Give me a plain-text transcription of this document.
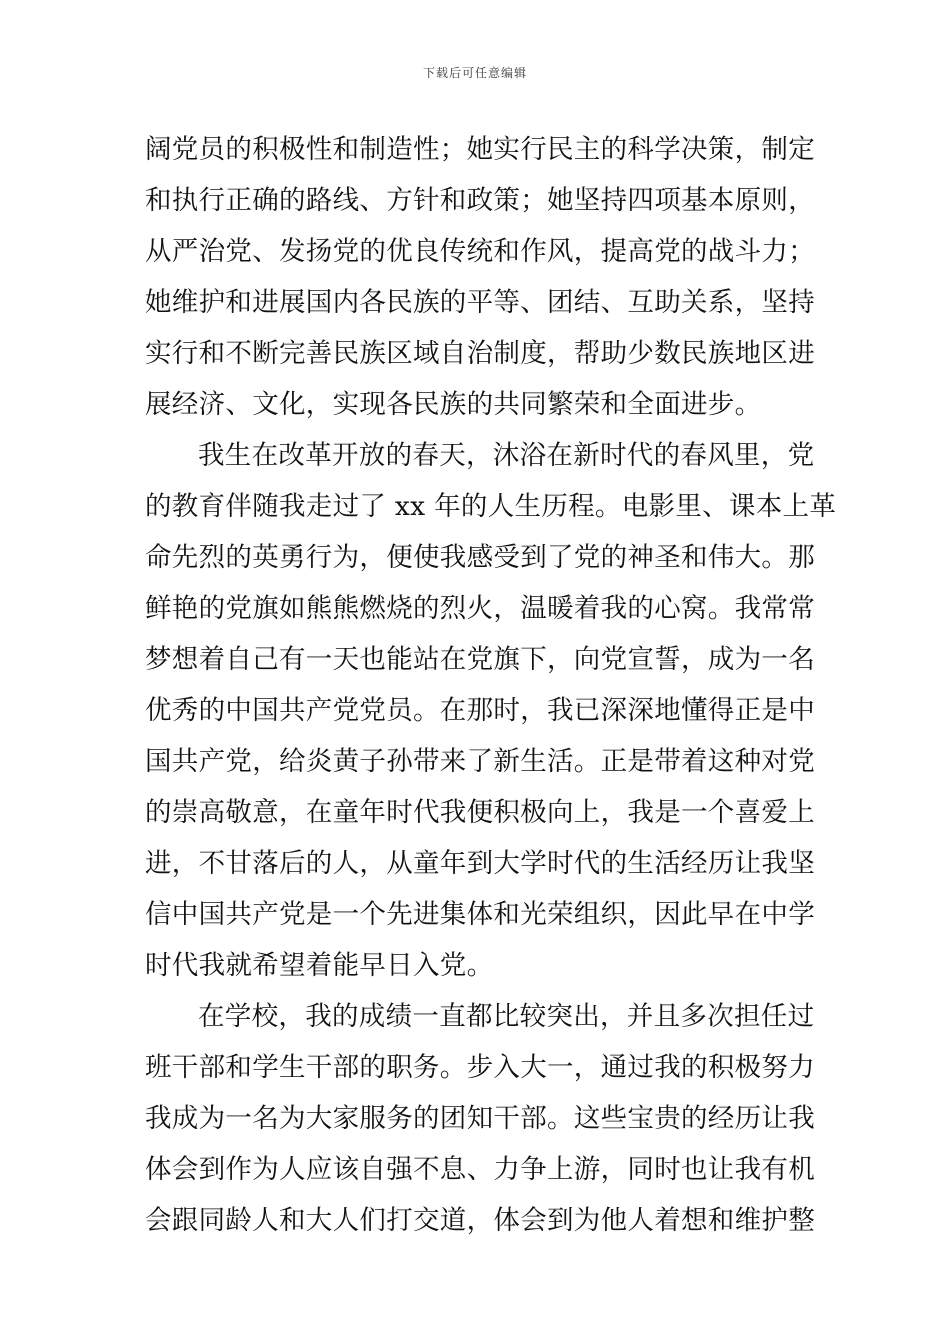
下载后可任意编辑
阔党员的积极性和制造性；她实行民主的科学决策，制定
和执行正确的路线、方针和政策；她坚持四项基本原则，
从严治党、发扬党的优良传统和作风，提高党的战斗力；
她维护和进展国内各民族的平等、团结、互助关系，坚持
实行和不断完善民族区域自治制度，帮助少数民族地区进
展经济、文化，实现各民族的共同繁荣和全面进步。
我生在改革开放的春天，沐浴在新时代的春风里，党
的教育伴随我走过了 xx 年的人生历程。电影里、课本上革
命先烈的英勇行为，便使我感受到了党的神圣和伟大。那
鲜艳的党旗如熊熊燃烧的烈火，温暖着我的心窝。我常常
梦想着自己有一天也能站在党旗下，向党宣誓，成为一名
优秀的中国共产党党员。在那时，我已深深地懂得正是中
国共产党，给炎黄子孙带来了新生活。正是带着这种对党
的崇高敬意，在童年时代我便积极向上，我是一个喜爱上
进，不甘落后的人，从童年到大学时代的生活经历让我坚
信中国共产党是一个先进集体和光荣组织，因此早在中学
时代我就希望着能早日入党。
在学校，我的成绩一直都比较突出，并且多次担任过
班干部和学生干部的职务。步入大一，通过我的积极努力
我成为一名为大家服务的团知干部。这些宝贵的经历让我
体会到作为人应该自强不息、力争上游，同时也让我有机
会跟同龄人和大人们打交道，体会到为他人着想和维护整
